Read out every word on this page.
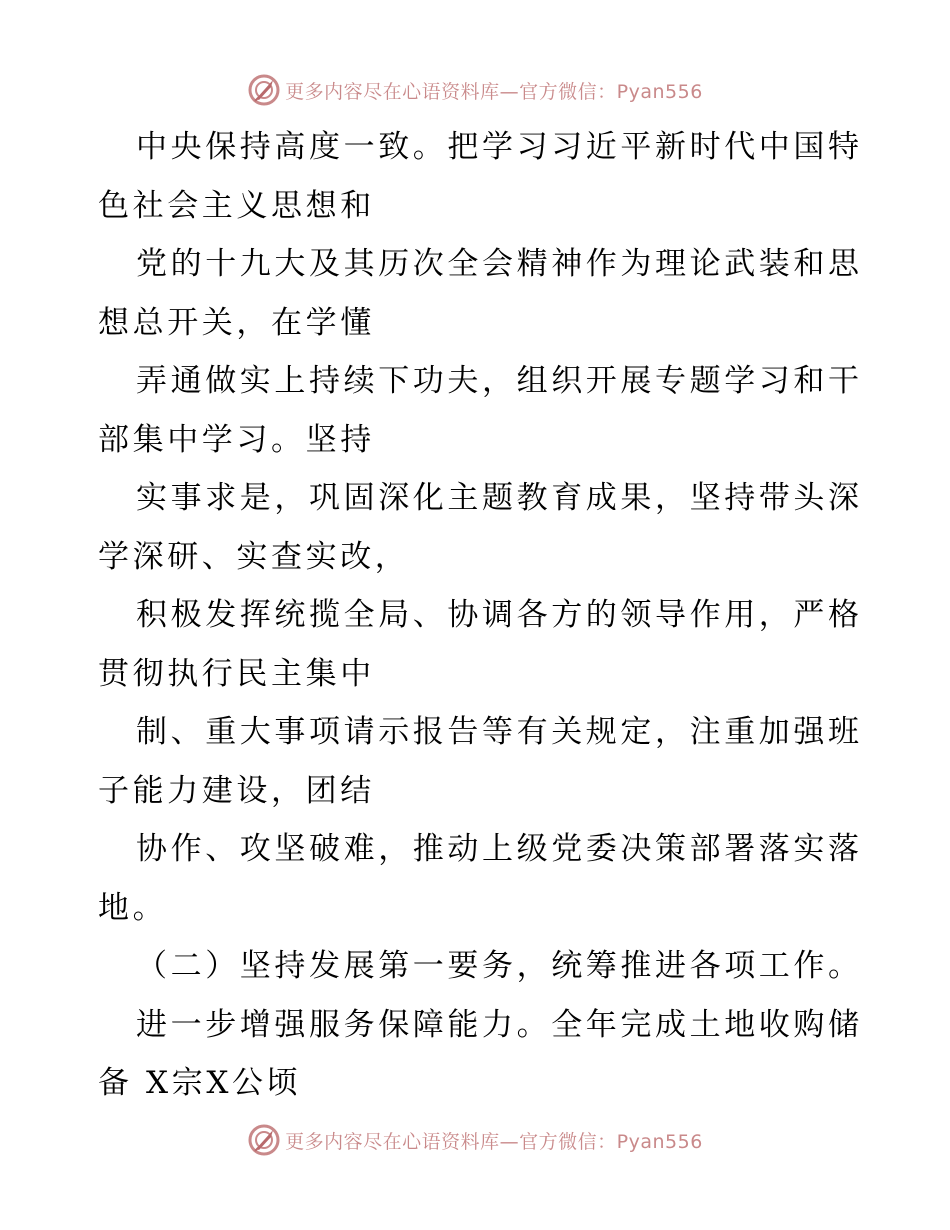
更多内容尽在心语资料库—官方微信：Pyan556
中央保持高度一致。把学习习近平新时代中国特
色社会主义思想和
党的十九大及其历次全会精神作为理论武装和思
想总开关，在学懂
弄通做实上持续下功夫，组织开展专题学习和干
部集中学习。坚持
实事求是，巩固深化主题教育成果，坚持带头深
学深研、实查实改，
积极发挥统揽全局、协调各方的领导作用，严格
贯彻执行民主集中
制、重大事项请示报告等有关规定，注重加强班
子能力建设，团结
协作、攻坚破难，推动上级党委决策部署落实落
地。
（二）坚持发展第一要务，统筹推进各项工作。
进一步增强服务保障能力。全年完成土地收购储
备 X宗X公顷
更多内容尽在心语资料库—官方微信：Pyan556
